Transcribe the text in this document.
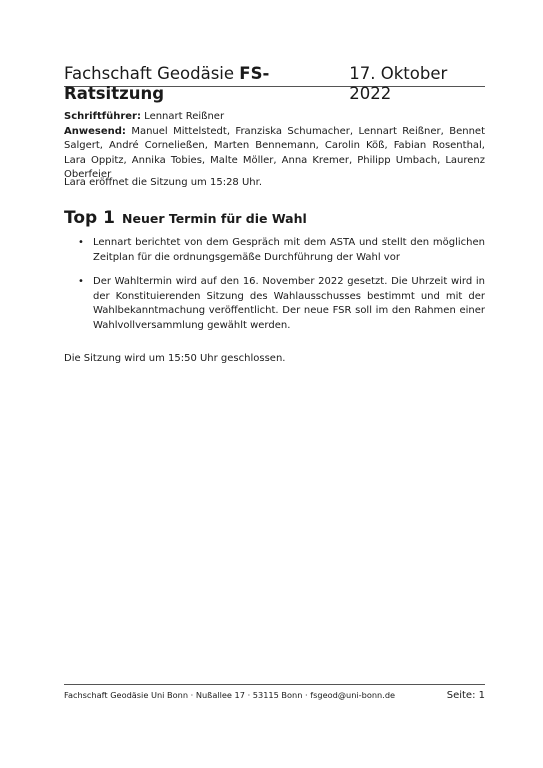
Fachschaft Geodäsie FS-Ratsitzung
17. Oktober 2022
Schriftführer: Lennart Reißner
Anwesend: Manuel Mittelstedt, Franziska Schumacher, Lennart Reißner, Bennet Salgert, André Corneließen, Marten Bennemann, Carolin Köß, Fabian Rosenthal, Lara Oppitz, Annika Tobies, Malte Möller, Anna Kremer, Philipp Umbach, Laurenz Oberfeier
Lara eröffnet die Sitzung um 15:28 Uhr.
Top 1 Neuer Termin für die Wahl
• Lennart berichtet von dem Gespräch mit dem ASTA und stellt den möglichen Zeitplan für die ordnungsgemäße Durchführung der Wahl vor
• Der Wahltermin wird auf den 16. November 2022 gesetzt. Die Uhrzeit wird in der Konstituierenden Sitzung des Wahlausschusses bestimmt und mit der Wahlbekanntmachung veröffentlicht. Der neue FSR soll im den Rahmen einer Wahlvollversammlung gewählt werden.
Die Sitzung wird um 15:50 Uhr geschlossen.
Fachschaft Geodäsie Uni Bonn · Nußallee 17 · 53115 Bonn · fsgeod@uni-bonn.de	Seite: 1
